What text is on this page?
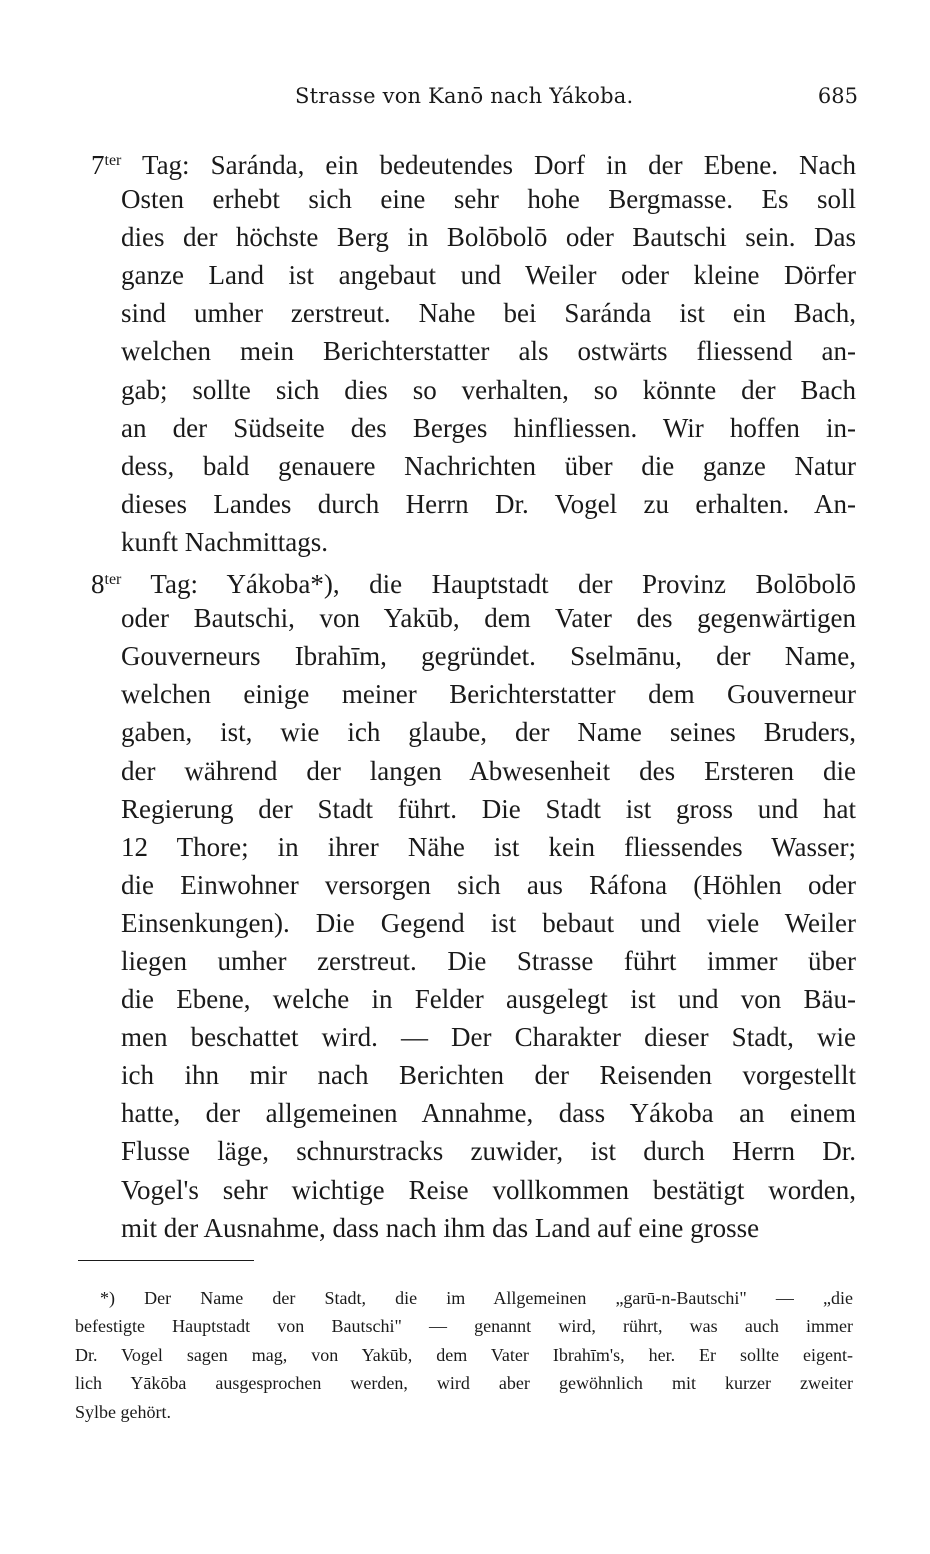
Strasse von Kanō nach Yákoba.	685
$7^{ter}$ Tag: Saránda, ein bedeutendes Dorf in der Ebene. Nach
Osten erhebt sich eine sehr hohe Bergmasse. Es soll
dies der höchste Berg in Bolōbolō oder Bautschi sein. Das
ganze Land ist angebaut und Weiler oder kleine Dörfer
sind umher zerstreut. Nahe bei Saránda ist ein Bach,
welchen mein Berichterstatter als ostwärts fliessend an-
gab; sollte sich dies so verhalten, so könnte der Bach
an der Südseite des Berges hinfliessen. Wir hoffen in-
dess, bald genauere Nachrichten über die ganze Natur
dieses Landes durch Herrn Dr. Vogel zu erhalten. An-
kunft Nachmittags.
$8^{ter}$ Tag: Yákoba*), die Hauptstadt der Provinz Bolōbolō
oder Bautschi, von Yakūb, dem Vater des gegenwärtigen
Gouverneurs Ibrahīm, gegründet. Sselmānu, der Name,
welchen einige meiner Berichterstatter dem Gouverneur
gaben, ist, wie ich glaube, der Name seines Bruders,
der während der langen Abwesenheit des Ersteren die
Regierung der Stadt führt. Die Stadt ist gross und hat
12 Thore; in ihrer Nähe ist kein fliessendes Wasser;
die Einwohner versorgen sich aus Ráfona (Höhlen oder
Einsenkungen). Die Gegend ist bebaut und viele Weiler
liegen umher zerstreut. Die Strasse führt immer über
die Ebene, welche in Felder ausgelegt ist und von Bäu-
men beschattet wird. — Der Charakter dieser Stadt, wie
ich ihn mir nach Berichten der Reisenden vorgestellt
hatte, der allgemeinen Annahme, dass Yákoba an einem
Flusse läge, schnurstracks zuwider, ist durch Herrn Dr.
Vogel's sehr wichtige Reise vollkommen bestätigt worden,
mit der Ausnahme, dass nach ihm das Land auf eine grosse
*) Der Name der Stadt, die im Allgemeinen „garū-n-Bautschi" — „die
befestigte Hauptstadt von Bautschi" — genannt wird, rührt, was auch immer
Dr. Vogel sagen mag, von Yakūb, dem Vater Ibrahīm's, her. Er sollte eigent-
lich Yākōba ausgesprochen werden, wird aber gewöhnlich mit kurzer zweiter
Sylbe gehört.
